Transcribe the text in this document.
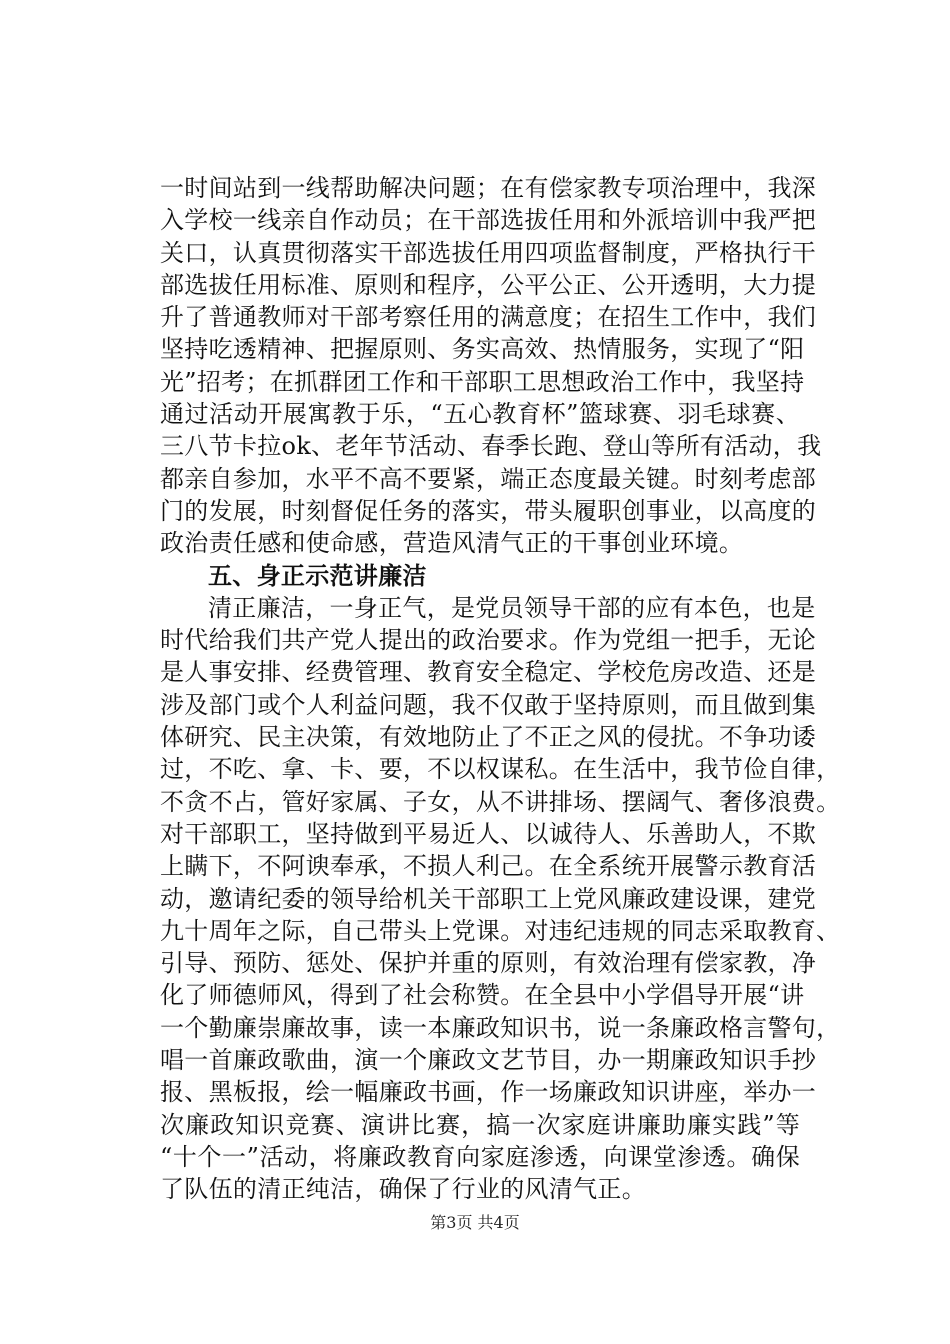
一时间站到一线帮助解决问题；在有偿家教专项治理中，我深
入学校一线亲自作动员；在干部选拔任用和外派培训中我严把
关口，认真贯彻落实干部选拔任用四项监督制度，严格执行干
部选拔任用标准、原则和程序，公平公正、公开透明，大力提
升了普通教师对干部考察任用的满意度；在招生工作中，我们
坚持吃透精神、把握原则、务实高效、热情服务，实现了“阳
光”招考；在抓群团工作和干部职工思想政治工作中，我坚持
通过活动开展寓教于乐，“五心教育杯”篮球赛、羽毛球赛、
三八节卡拉ok、老年节活动、春季长跑、登山等所有活动，我
都亲自参加，水平不高不要紧，端正态度最关键。时刻考虑部
门的发展，时刻督促任务的落实，带头履职创事业，以高度的
政治责任感和使命感，营造风清气正的干事创业环境。
五、身正示范讲廉洁
清正廉洁，一身正气，是党员领导干部的应有本色，也是
时代给我们共产党人提出的政治要求。作为党组一把手，无论
是人事安排、经费管理、教育安全稳定、学校危房改造、还是
涉及部门或个人利益问题，我不仅敢于坚持原则，而且做到集
体研究、民主决策，有效地防止了不正之风的侵扰。不争功诿
过，不吃、拿、卡、要，不以权谋私。在生活中，我节俭自律，
不贪不占，管好家属、子女，从不讲排场、摆阔气、奢侈浪费。
对干部职工，坚持做到平易近人、以诚待人、乐善助人，不欺
上瞒下，不阿谀奉承，不损人利己。在全系统开展警示教育活
动，邀请纪委的领导给机关干部职工上党风廉政建设课，建党
九十周年之际，自己带头上党课。对违纪违规的同志采取教育、
引导、预防、惩处、保护并重的原则，有效治理有偿家教，净
化了师德师风，得到了社会称赞。在全县中小学倡导开展“讲
一个勤廉崇廉故事，读一本廉政知识书，说一条廉政格言警句，
唱一首廉政歌曲，演一个廉政文艺节目，办一期廉政知识手抄
报、黑板报，绘一幅廉政书画，作一场廉政知识讲座，举办一
次廉政知识竞赛、演讲比赛，搞一次家庭讲廉助廉实践”等
“十个一”活动，将廉政教育向家庭渗透，向课堂渗透。确保
了队伍的清正纯洁，确保了行业的风清气正。
第3页 共4页
